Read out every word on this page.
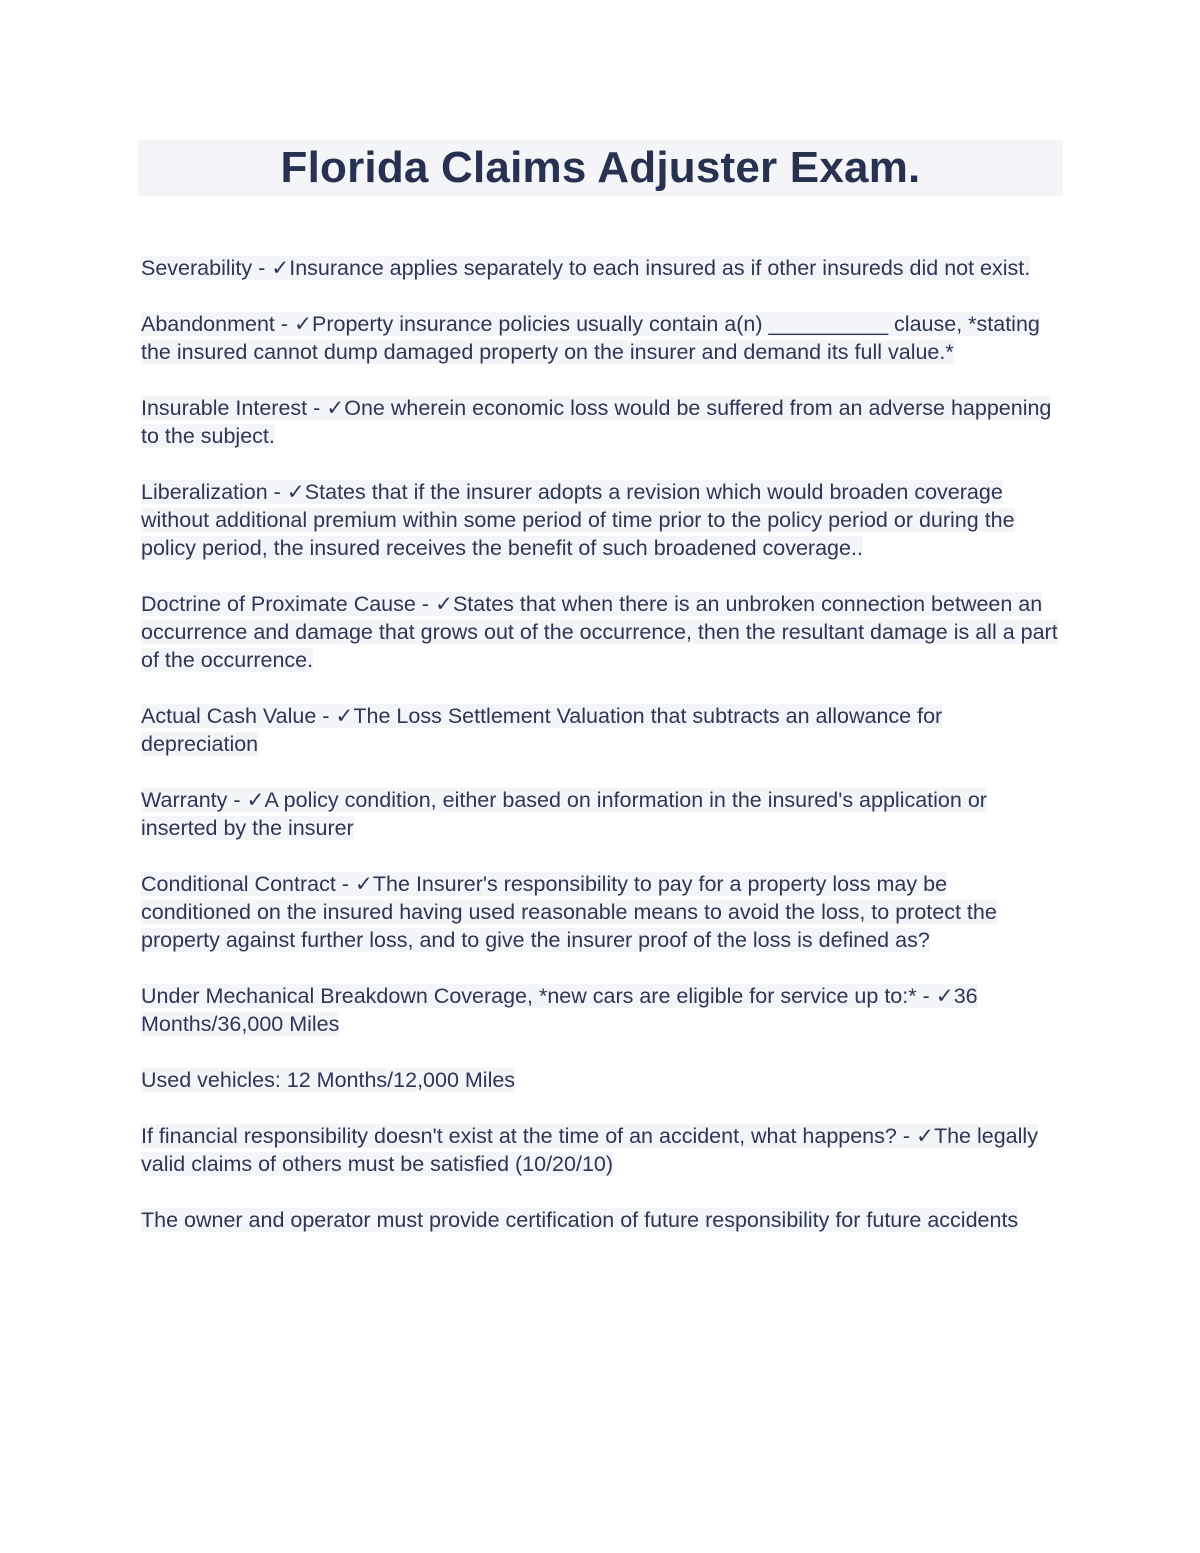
Florida Claims Adjuster Exam.

Severability - ✓Insurance applies separately to each insured as if other insureds did not exist.

Abandonment - ✓Property insurance policies usually contain a(n) __________ clause, *stating the insured cannot dump damaged property on the insurer and demand its full value.*

Insurable Interest - ✓One wherein economic loss would be suffered from an adverse happening to the subject.

Liberalization - ✓States that if the insurer adopts a revision which would broaden coverage without additional premium within some period of time prior to the policy period or during the policy period, the insured receives the benefit of such broadened coverage..

Doctrine of Proximate Cause - ✓States that when there is an unbroken connection between an occurrence and damage that grows out of the occurrence, then the resultant damage is all a part of the occurrence.

Actual Cash Value - ✓The Loss Settlement Valuation that subtracts an allowance for depreciation

Warranty - ✓A policy condition, either based on information in the insured's application or inserted by the insurer

Conditional Contract - ✓The Insurer's responsibility to pay for a property loss may be conditioned on the insured having used reasonable means to avoid the loss, to protect the property against further loss, and to give the insurer proof of the loss is defined as?

Under Mechanical Breakdown Coverage, *new cars are eligible for service up to:* - ✓36 Months/36,000 Miles

Used vehicles: 12 Months/12,000 Miles

If financial responsibility doesn't exist at the time of an accident, what happens? - ✓The legally valid claims of others must be satisfied (10/20/10)

The owner and operator must provide certification of future responsibility for future accidents
